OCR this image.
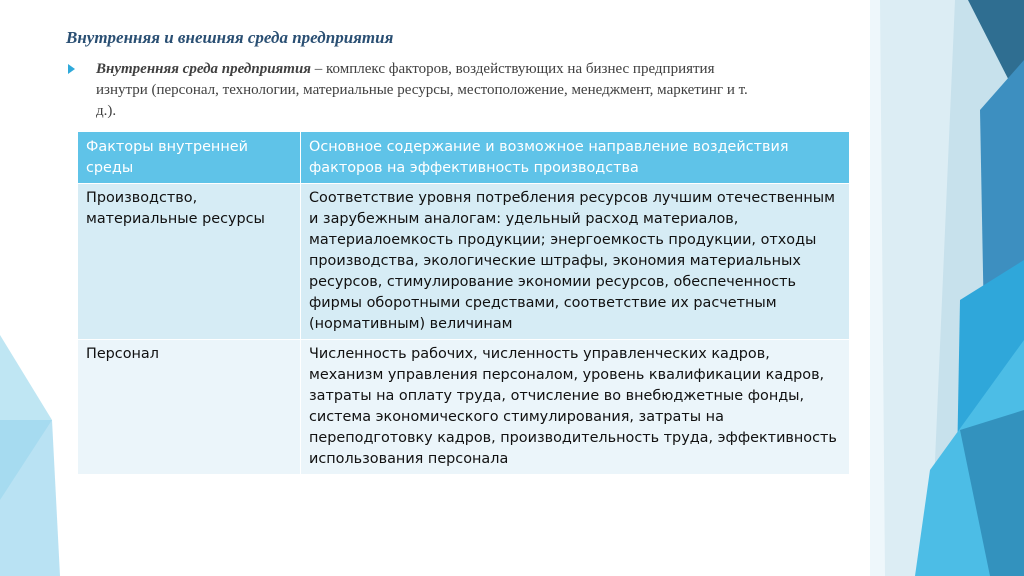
Внутренняя и внешняя среда предприятия

Внутренняя среда предприятия – комплекс факторов, воздействующих на бизнес предприятия изнутри (персонал, технологии, материальные ресурсы, местоположение, менеджмент, маркетинг и т. д.).

Факторы внутренней среды	Основное содержание и возможное направление воздействия факторов на эффективность производства
Производство, материальные ресурсы	Соответствие уровня потребления ресурсов лучшим отечественным и зарубежным аналогам: удельный расход материалов, материалоемкость продукции; энергоемкость продукции, отходы производства, экологические штрафы, экономия материальных ресурсов, стимулирование экономии ресурсов, обеспеченность фирмы оборотными средствами, соответствие их расчетным (нормативным) величинам
Персонал	Численность рабочих, численность управленческих кадров, механизм управления персоналом, уровень квалификации кадров, затраты на оплату труда, отчисление во внебюджетные фонды, система экономического стимулирования, затраты на переподготовку кадров, производительность труда, эффективность использования персонала
